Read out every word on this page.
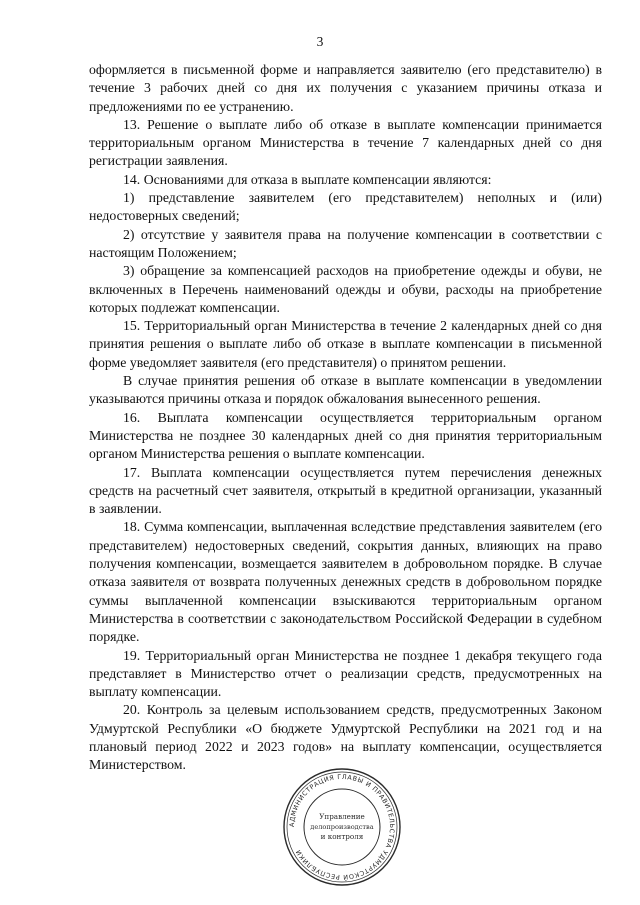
3

оформляется в письменной форме и направляется заявителю (его представителю) в течение 3 рабочих дней со дня их получения с указанием причины отказа и предложениями по ее устранению.

13. Решение о выплате либо об отказе в выплате компенсации принимается территориальным органом Министерства в течение 7 календарных дней со дня регистрации заявления.

14. Основаниями для отказа в выплате компенсации являются:

1) представление заявителем (его представителем) неполных и (или) недостоверных сведений;

2) отсутствие у заявителя права на получение компенсации в соответствии с настоящим Положением;

3) обращение за компенсацией расходов на приобретение одежды и обуви, не включенных в Перечень наименований одежды и обуви, расходы на приобретение которых подлежат компенсации.

15. Территориальный орган Министерства в течение 2 календарных дней со дня принятия решения о выплате либо об отказе в выплате компенсации в письменной форме уведомляет заявителя (его представителя) о принятом решении.

В случае принятия решения об отказе в выплате компенсации в уведомлении указываются причины отказа и порядок обжалования вынесенного решения.

16. Выплата компенсации осуществляется территориальным органом Министерства не позднее 30 календарных дней со дня принятия территориальным органом Министерства решения о выплате компенсации.

17. Выплата компенсации осуществляется путем перечисления денежных средств на расчетный счет заявителя, открытый в кредитной организации, указанный в заявлении.

18. Сумма компенсации, выплаченная вследствие представления заявителем (его представителем) недостоверных сведений, сокрытия данных, влияющих на право получения компенсации, возмещается заявителем в добровольном порядке. В случае отказа заявителя от возврата полученных денежных средств в добровольном порядке суммы выплаченной компенсации взыскиваются территориальным органом Министерства в соответствии с законодательством Российской Федерации в судебном порядке.

19. Территориальный орган Министерства не позднее 1 декабря текущего года представляет в Министерство отчет о реализации средств, предусмотренных на выплату компенсации.

20. Контроль за целевым использованием средств, предусмотренных Законом Удмуртской Республики «О бюджете Удмуртской Республики на 2021 год и на плановый период 2022 и 2023 годов» на выплату компенсации, осуществляется Министерством.

АДМИНИСТРАЦИЯ ГЛАВЫ И ПРАВИТЕЛЬСТВА УДМУРТСКОЙ РЕСПУБЛИКИ
Управление
делопроизводства
и контроля
